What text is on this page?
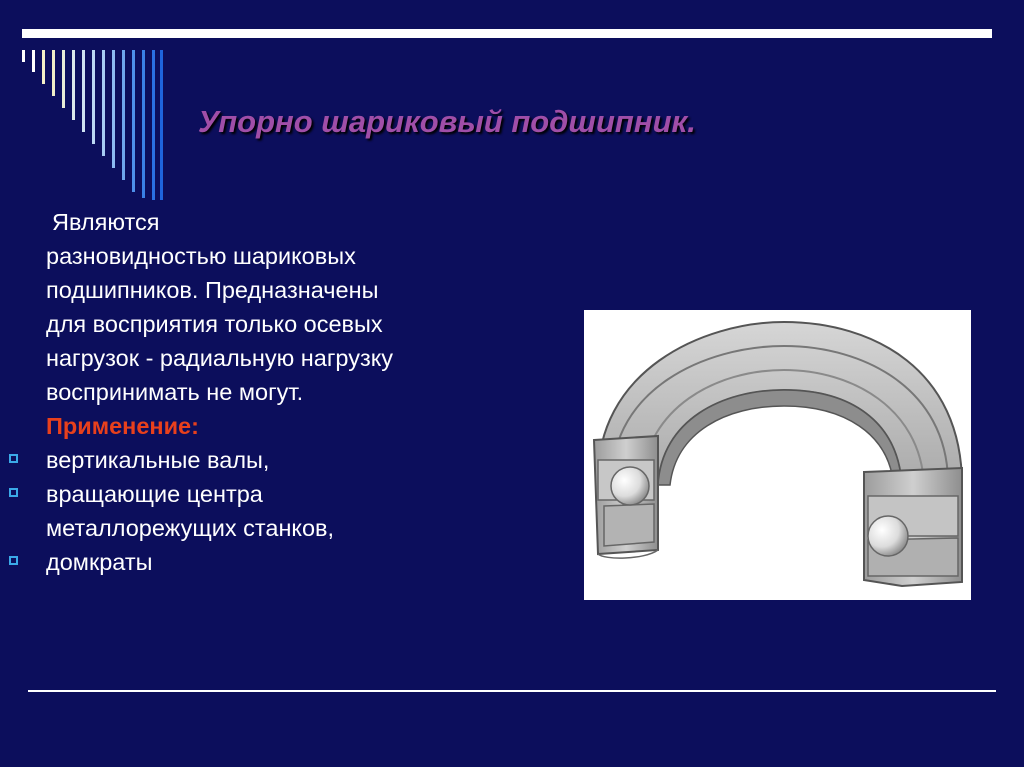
Упорно шариковый подшипник.

Являются
разновидностью шариковых
подшипников. Предназначены
для восприятия только осевых
нагрузок - радиальную нагрузку
воспринимать не могут.

Применение:

вертикальные валы,
вращающие центра
металлорежущих станков,
домкраты
